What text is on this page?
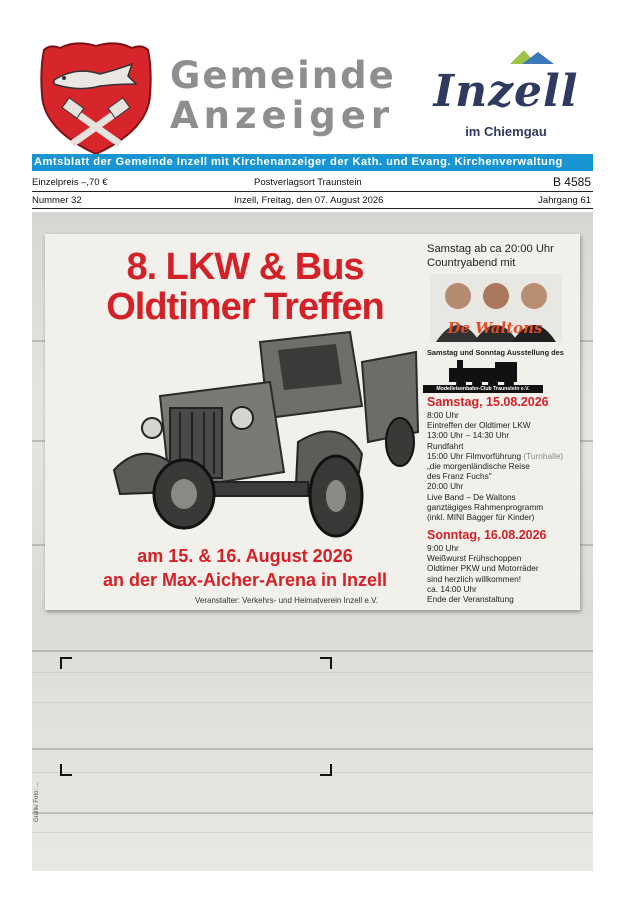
Gemeinde
Anzeiger Inzell
im Chiemgau
Amtsblatt der Gemeinde Inzell mit Kirchenanzeiger der Kath. und Evang. Kirchenverwaltung
Einzelpreis –,70 €	Postverlagsort Traunstein	B 4585
Nummer 32	Inzell, Freitag, den 07. August 2026	Jahrgang 61
Grafik/ Foto: ...
8. LKW & Bus
Oldtimer Treffen
am 15. & 16. August 2026
an der Max-Aicher-Arena in Inzell
Veranstalter: Verkehrs- und Heimatverein Inzell e.V.
Samstag ab ca 20:00 Uhr
Countryabend mit
De Waltons
Samstag und Sonntag Ausstellung des
Modelleisenbahn-Club Traunstein e.V.
Samstag, 15.08.2026
8:00 Uhr
Eintreffen der Oldtimer LKW
13:00 Uhr – 14:30 Uhr
Rundfahrt
15:00 Uhr Filmvorführung (Turnhalle)
„die morgenländische Reise
des Franz Fuchs"
20:00 Uhr
Live Band – De Waltons
ganztägiges Rahmenprogramm
(inkl. MINI Bagger für Kinder)
Sonntag, 16.08.2026
9:00 Uhr
Weißwurst Frühschoppen
Oldtimer PKW und Motorräder
sind herzlich willkommen!
ca. 14:00 Uhr
Ende der Veranstaltung
